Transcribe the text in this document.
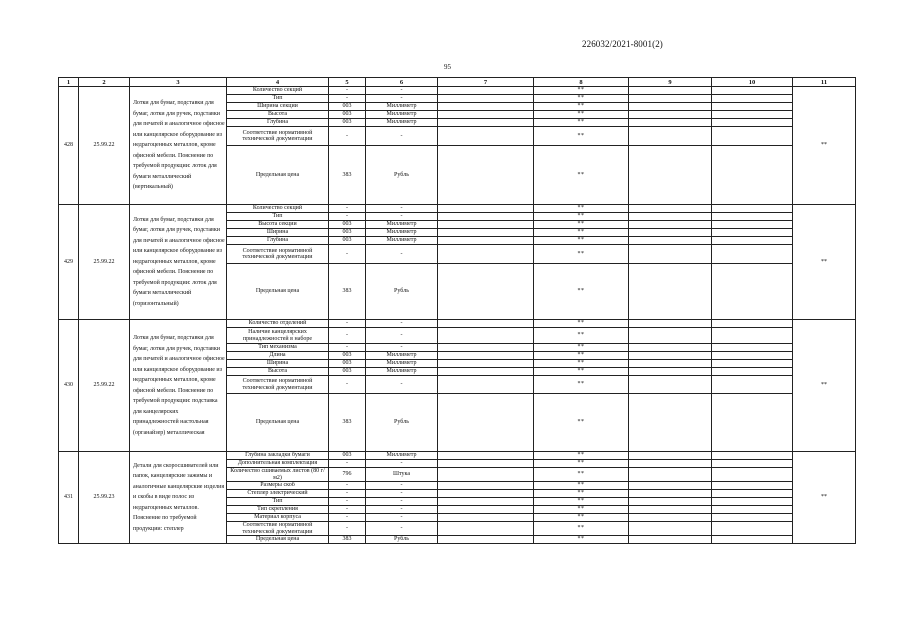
226032/2021-8001(2)
95
1	2	3	4	5	6	7	8	9	10	11
428	25.99.22	Лотки для бумаг, подставки для бумаг, лотки для ручек, подставки для печатей и аналогичное офисное или канцелярское оборудование из недрагоценных металлов, кроме офисной мебели. Пояснение по требуемой продукции: лоток для бумаги металлический (вертикальный)	Количество секций	-	-		**			**
			Тип	-	-		**			
			Ширина секции	003	Миллиметр		**			
			Высота	003	Миллиметр		**			
			Глубина	003	Миллиметр		**			
			Соответствие нормативной технической документации	-	-		**			
			Предельная цена	383	Рубль		**			
429	25.99.22	Лотки для бумаг, подставки для бумаг, лотки для ручек, подставки для печатей и аналогичное офисное или канцелярское оборудование из недрагоценных металлов, кроме офисной мебели. Пояснение по требуемой продукции: лоток для бумаги металлический (горизонтальный)	Количество секций	-	-		**			**
			Тип	-	-		**			
			Высота секции	003	Миллиметр		**			
			Ширина	003	Миллиметр		**			
			Глубина	003	Миллиметр		**			
			Соответствие нормативной технической документации	-	-		**			
			Предельная цена	383	Рубль		**			
430	25.99.22	Лотки для бумаг, подставки для бумаг, лотки для ручек, подставки для печатей и аналогичное офисное или канцелярское оборудование из недрагоценных металлов, кроме офисной мебели. Пояснение по требуемой продукции: подставка для канцелярских принадлежностей настольная (органайзер) металлическая	Количество отделений	-	-		**			**
			Наличие канцелярских принадлежностей в наборе	-	-		**			
			Тип механизма	-	-		**			
			Длина	003	Миллиметр		**			
			Ширина	003	Миллиметр		**			
			Высота	003	Миллиметр		**			
			Соответствие нормативной технической документации	-	-		**			
			Предельная цена	383	Рубль		**			
431	25.99.23	Детали для скоросшивателей или папок, канцелярские зажимы и аналогичные канцелярские изделия и скобы в виде полос из недрагоценных металлов. Пояснение по требуемой продукции: степлер	Глубина закладки бумаги	003	Миллиметр		**			**
			Дополнительная комплектация	-	-		**			
			Количество сшиваемых листов (80 г/м2)	796	Штука		**			
			Размеры скоб	-	-		**			
			Степлер электрический	-	-		**			
			Тип	-	-		**			
			Тип скрепления	-	-		**			
			Материал корпуса	-	-		**			
			Соответствие нормативной технической документации	-	-		**			
			Предельная цена	383	Рубль		**			
